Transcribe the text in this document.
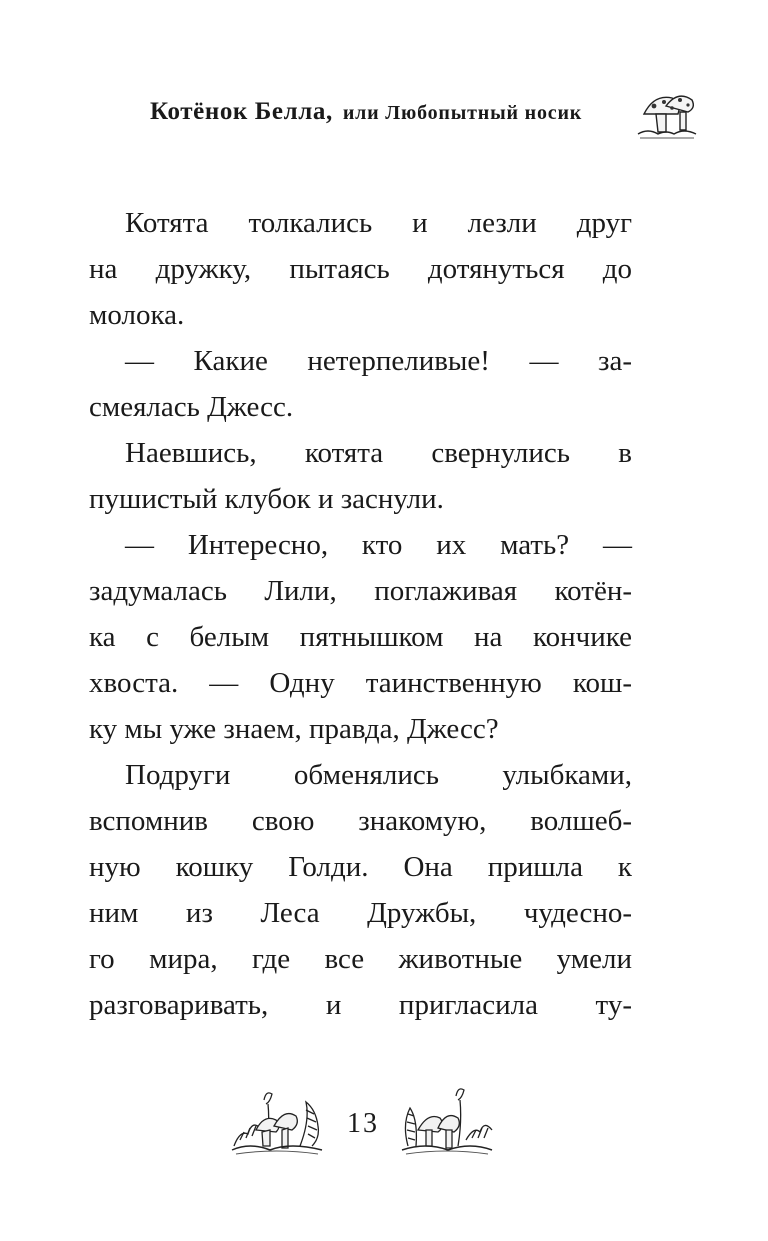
Котёнок Белла, или Любопытный носик
Котята толкались и лезли друг
на дружку, пытаясь дотянуться до
молока.
— Какие нетерпеливые! — за-
смеялась Джесс.
Наевшись, котята свернулись в
пушистый клубок и заснули.
— Интересно, кто их мать? —
задумалась Лили, поглаживая котён-
ка с белым пятнышком на кончике
хвоста. — Одну таинственную кош-
ку мы уже знаем, правда, Джесс?
Подруги обменялись улыбками,
вспомнив свою знакомую, волшеб-
ную кошку Голди. Она пришла к
ним из Леса Дружбы, чудесно-
го мира, где все животные умели
разговаривать, и пригласила ту-
13
